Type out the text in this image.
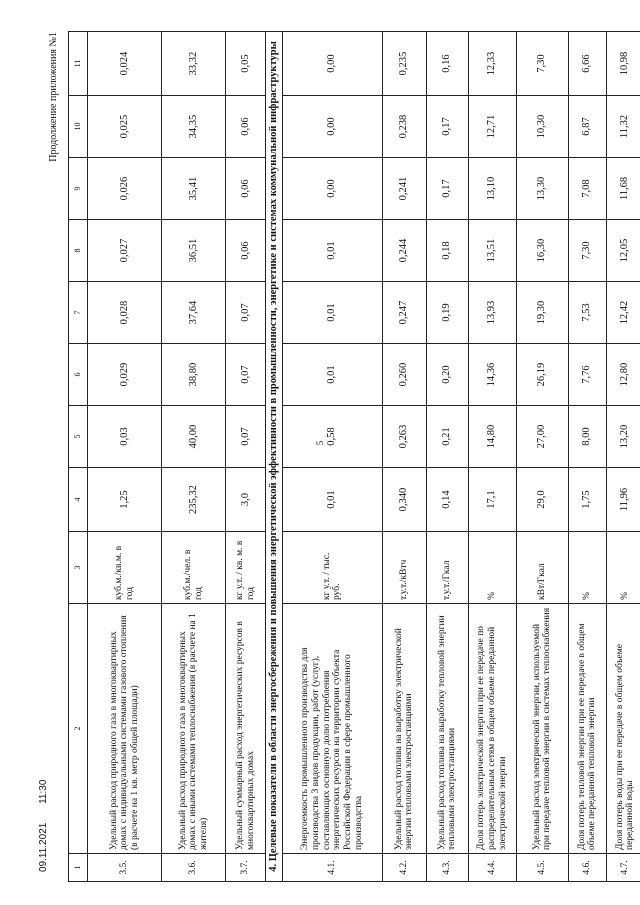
5
09.11.2021 11:30
Продолжение приложения №1
1	2	3	4	5	6	7	8	9	10	11
3.5.	Удельный расход природного газа в многоквартирных домах с индивидуальными системами газового отопления (в расчете на 1 кв. метр общей площади)	куб.м./кв.м. в год	1,25	0,03	0,029	0,028	0,027	0,026	0,025	0,024
3.6.	Удельный расход природного газа в многоквартирных домах с иными системами теплоснабжения (в расчете на 1 жителя)	куб.м./чел. в год	235,32	40,00	38,80	37,64	36,51	35,41	34,35	33,32
3.7.	Удельный суммарный расход энергетических ресурсов в многоквартирных домах	кг у.т. / кв. м. в год	3,0	0,07	0,07	0,07	0,06	0,06	0,06	0,05
4. Целевые показатели в области энергосбережения и повышения энергетической эффективности в промышленности, энергетике и системах коммунальной инфраструктуры										
4.1.	Энергоемкость промышленного производства для производства 3 видов продукции, работ (услуг), составляющих основную долю потребления энергетических ресурсов на территории субъекта Российской Федерации в сфере промышленного производства	кг у.т. / тыс. руб.	0,01	0,58	0,01	0,01	0,01	0,00	0,00	0,00
4.2.	Удельный расход топлива на выработку электрической энергии тепловыми электростанциями	т.у.т./кВтч	0,340	0,263	0,260	0,247	0,244	0,241	0,238	0,235
4.3.	Удельный расход топлива на выработку тепловой энергии тепловыми электростанциями	т.у.т./Гкал	0,14	0,21	0,20	0,19	0,18	0,17	0,17	0,16
4.4.	Доля потерь электрической энергии при ее передаче по распределительным сетям в общем объеме переданной электрической энергии	%	17,1	14,80	14,36	13,93	13,51	13,10	12,71	12,33
4.5.	Удельный расход электрической энергии, используемой при передаче тепловой энергии в системах теплоснабжения	кВт/Гкал	29,0	27,00	26,19	19,30	16,30	13,30	10,30	7,30
4.6.	Доля потерь тепловой энергии при ее передаче в общем объеме переданной тепловой энергии	%	1,75	8,00	7,76	7,53	7,30	7,08	6,87	6,66
4.7.	Доля потерь воды при ее передаче в общем объеме переданной воды	%	11,96	13,20	12,80	12,42	12,05	11,68	11,32	10,98
